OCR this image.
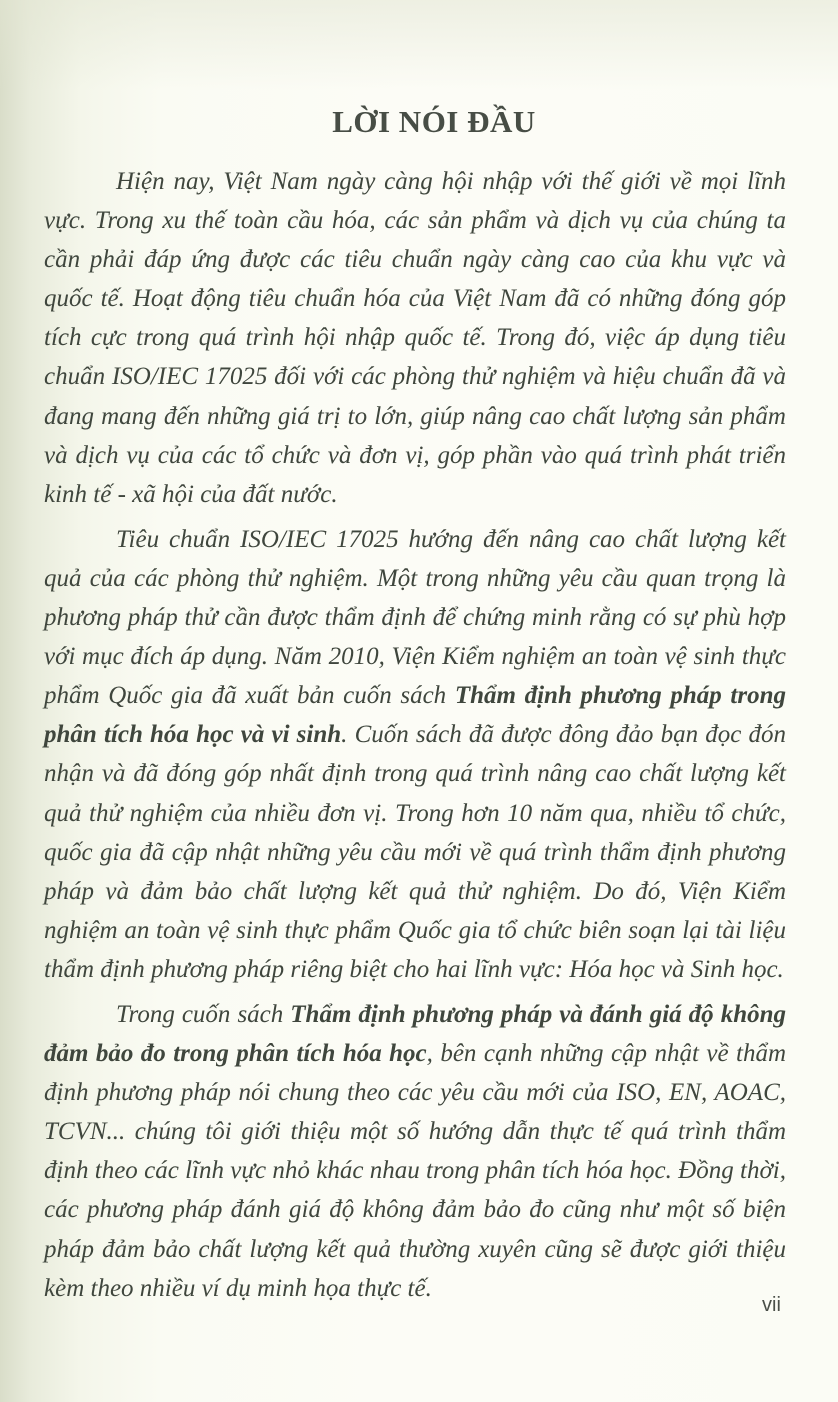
LỜI NÓI ĐẦU

Hiện nay, Việt Nam ngày càng hội nhập với thế giới về mọi lĩnh vực. Trong xu thế toàn cầu hóa, các sản phẩm và dịch vụ của chúng ta cần phải đáp ứng được các tiêu chuẩn ngày càng cao của khu vực và quốc tế. Hoạt động tiêu chuẩn hóa của Việt Nam đã có những đóng góp tích cực trong quá trình hội nhập quốc tế. Trong đó, việc áp dụng tiêu chuẩn ISO/IEC 17025 đối với các phòng thử nghiệm và hiệu chuẩn đã và đang mang đến những giá trị to lớn, giúp nâng cao chất lượng sản phẩm và dịch vụ của các tổ chức và đơn vị, góp phần vào quá trình phát triển kinh tế - xã hội của đất nước.

Tiêu chuẩn ISO/IEC 17025 hướng đến nâng cao chất lượng kết quả của các phòng thử nghiệm. Một trong những yêu cầu quan trọng là phương pháp thử cần được thẩm định để chứng minh rằng có sự phù hợp với mục đích áp dụng. Năm 2010, Viện Kiểm nghiệm an toàn vệ sinh thực phẩm Quốc gia đã xuất bản cuốn sách Thẩm định phương pháp trong phân tích hóa học và vi sinh. Cuốn sách đã được đông đảo bạn đọc đón nhận và đã đóng góp nhất định trong quá trình nâng cao chất lượng kết quả thử nghiệm của nhiều đơn vị. Trong hơn 10 năm qua, nhiều tổ chức, quốc gia đã cập nhật những yêu cầu mới về quá trình thẩm định phương pháp và đảm bảo chất lượng kết quả thử nghiệm. Do đó, Viện Kiểm nghiệm an toàn vệ sinh thực phẩm Quốc gia tổ chức biên soạn lại tài liệu thẩm định phương pháp riêng biệt cho hai lĩnh vực: Hóa học và Sinh học.

Trong cuốn sách Thẩm định phương pháp và đánh giá độ không đảm bảo đo trong phân tích hóa học, bên cạnh những cập nhật về thẩm định phương pháp nói chung theo các yêu cầu mới của ISO, EN, AOAC, TCVN... chúng tôi giới thiệu một số hướng dẫn thực tế quá trình thẩm định theo các lĩnh vực nhỏ khác nhau trong phân tích hóa học. Đồng thời, các phương pháp đánh giá độ không đảm bảo đo cũng như một số biện pháp đảm bảo chất lượng kết quả thường xuyên cũng sẽ được giới thiệu kèm theo nhiều ví dụ minh họa thực tế.

vii
